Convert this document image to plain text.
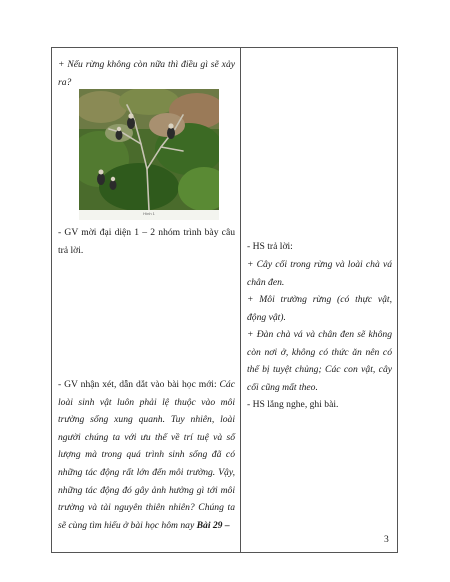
+ Nếu rừng không còn nữa thì điều gì sẽ xảy ra?
Hình 1
- GV mời đại diện 1 – 2 nhóm trình bày câu trả lời.
- GV nhận xét, dẫn dắt vào bài học mới: Các loài sinh vật luôn phải lệ thuộc vào môi trường sống xung quanh. Tuy nhiên, loài người chúng ta với ưu thế về trí tuệ và số lượng mà trong quá trình sinh sống đã có những tác động rất lớn đến môi trường. Vậy, những tác động đó gây ảnh hưởng gì tới môi trường và tài nguyên thiên nhiên? Chúng ta sẽ cùng tìm hiểu ở bài học hôm nay Bài 29 –

- HS trả lời:
+ Cây cối trong rừng và loài chà vá chân đen.
+ Môi trường rừng (có thực vật, động vật).
+ Đàn chà vá và chân đen sẽ không còn nơi ở, không có thức ăn nên có thể bị tuyệt chủng; Các con vật, cây cối cũng mất theo.
- HS lắng nghe, ghi bài.
3
